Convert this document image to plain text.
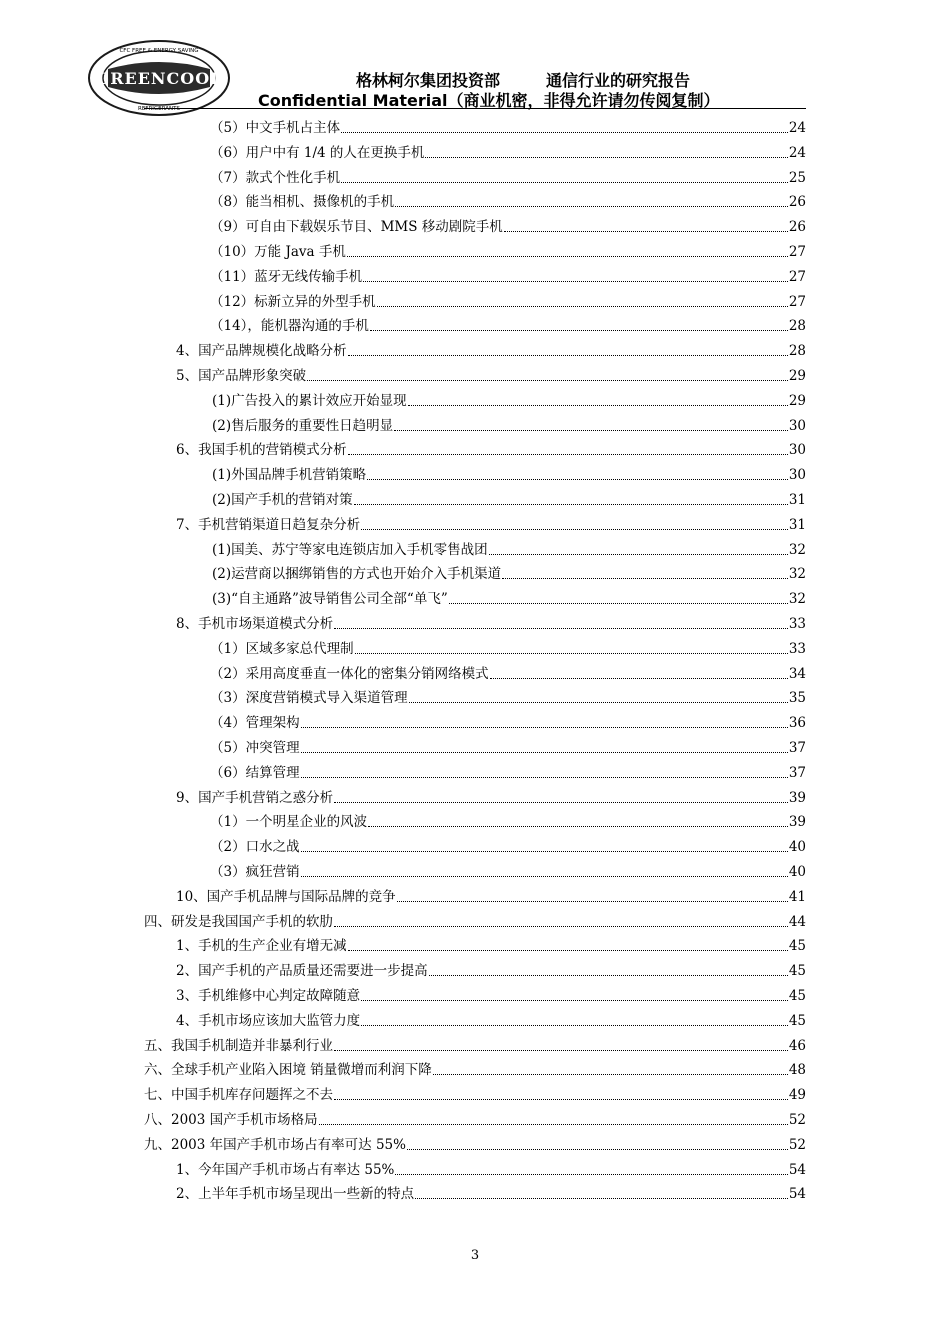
GREENCOOL
CFC FREE & ENERGY SAVING
REFRIGERANTS
格林柯尔集团投资部	通信行业的研究报告
Confidential Material（商业机密，非得允许请勿传阅复制）
（5）中文手机占主体	24
（6）用户中有 1/4 的人在更换手机	24
（7）款式个性化手机	25
（8）能当相机、摄像机的手机	26
（9）可自由下载娱乐节目、MMS 移动剧院手机	26
（10）万能 Java 手机	27
（11）蓝牙无线传输手机	27
（12）标新立异的外型手机	27
（14），能机器沟通的手机	28
4、国产品牌规模化战略分析	28
5、国产品牌形象突破	29
(1)广告投入的累计效应开始显现	29
(2)售后服务的重要性日趋明显	30
6、我国手机的营销模式分析	30
(1)外国品牌手机营销策略	30
(2)国产手机的营销对策	31
7、手机营销渠道日趋复杂分析	31
(1)国美、苏宁等家电连锁店加入手机零售战团	32
(2)运营商以捆绑销售的方式也开始介入手机渠道	32
(3)“自主通路”波导销售公司全部“单飞”	32
8、手机市场渠道模式分析	33
（1）区域多家总代理制	33
（2）采用高度垂直一体化的密集分销网络模式	34
（3）深度营销模式导入渠道管理	35
（4）管理架构	36
（5）冲突管理	37
（6）结算管理	37
9、国产手机营销之惑分析	39
（1）一个明星企业的风波	39
（2）口水之战	40
（3）疯狂营销	40
10、国产手机品牌与国际品牌的竞争	41
四、研发是我国国产手机的软肋	44
1、手机的生产企业有增无减	45
2、国产手机的产品质量还需要进一步提高	45
3、手机维修中心判定故障随意	45
4、手机市场应该加大监管力度	45
五、我国手机制造并非暴利行业	46
六、全球手机产业陷入困境 销量微增而利润下降	48
七、中国手机库存问题挥之不去	49
八、2003 国产手机市场格局	52
九、2003 年国产手机市场占有率可达 55%	52
1、今年国产手机市场占有率达 55%	54
2、上半年手机市场呈现出一些新的特点	54
3
